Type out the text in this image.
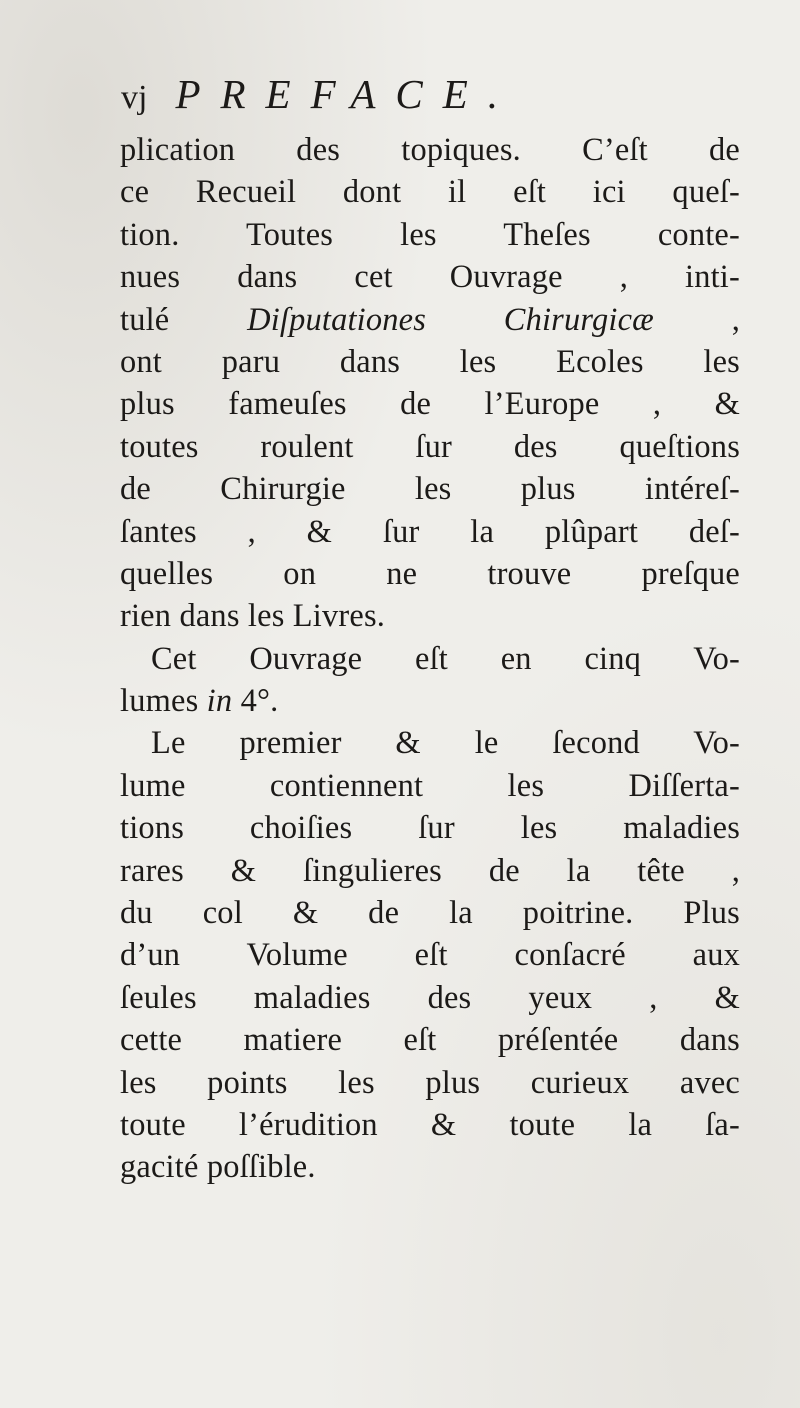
vj PREFACE.
plication des topiques. C’eſt de
ce Recueil dont il eſt ici queſ-
tion. Toutes les Theſes conte-
nues dans cet Ouvrage , inti-
tulé Diſputationes Chirurgicæ ,
ont paru dans les Ecoles les
plus fameuſes de l’Europe , &
toutes roulent ſur des queſtions
de Chirurgie les plus intéreſ-
ſantes , & ſur la plûpart deſ-
quelles on ne trouve preſque
rien dans les Livres.
Cet Ouvrage eſt en cinq Vo-
lumes in 4°.
Le premier & le ſecond Vo-
lume contiennent les Diſſerta-
tions choiſies ſur les maladies
rares & ſingulieres de la tête ,
du col & de la poitrine. Plus
d’un Volume eſt conſacré aux
ſeules maladies des yeux , &
cette matiere eſt préſentée dans
les points les plus curieux avec
toute l’érudition & toute la ſa-
gacité poſſible.
